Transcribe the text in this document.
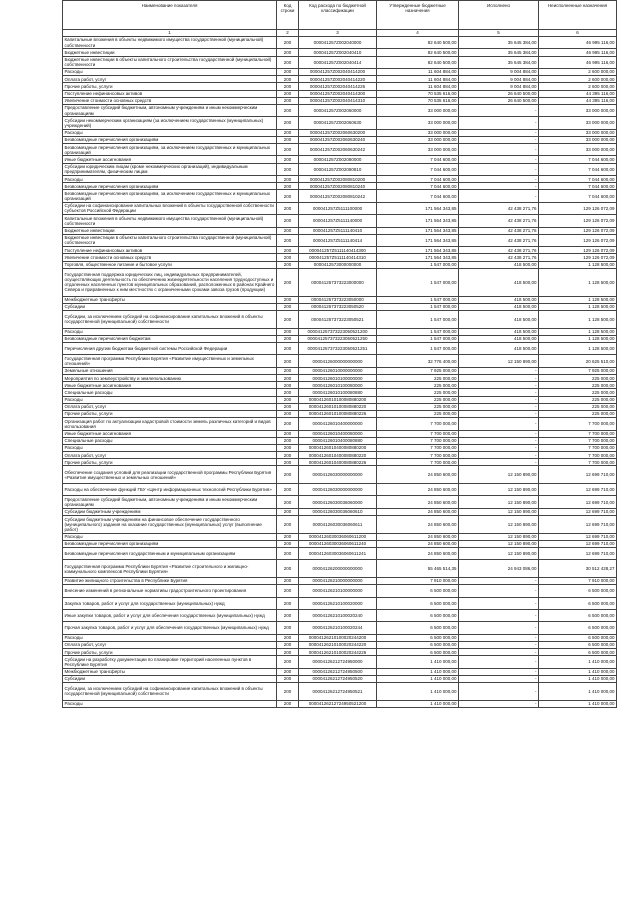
Наименование показателя	Код строки	Код расхода по бюджетной классификации	Утвержденные бюджетные назначения	Исполнено	Неисполненные назначения
1	2	3	4	5	6
Капитальные вложения в объекты недвижимого имущества государственной (муниципальной) собственности	200	000041257Z002040000	82 640 500,00	35 645 384,00	46 995 116,00
Бюджетные инвестиции	200	000041257Z002040410	82 640 500,00	35 645 384,00	46 995 116,00
Бюджетные инвестиции в объекты капитального строительства государственной (муниципальной) собственности	200	000041257Z002040414	82 640 500,00	35 645 384,00	46 995 116,00
Расходы	200	000041257Z002040414200	11 604 884,00	9 004 884,00	2 600 000,00
Оплата работ, услуг	200	000041257Z002040414220	11 604 884,00	9 004 884,00	2 600 000,00
Прочие работы, услуги	200	000041257Z002040414226	11 604 884,00	9 004 884,00	2 600 000,00
Поступление нефинансовых активов	200	000041257Z002040414300	70 535 616,00	26 640 500,00	44 395 116,00
Увеличение стоимости основных средств	200	000041257Z002040414310	70 535 616,00	26 640 500,00	44 395 116,00
Предоставление субсидий бюджетным, автономным учреждениям и иным некоммерческим организациям	200	000041257Z002060000	33 000 000,00	-	33 000 000,00
Субсидии некоммерческим организациям (за исключением государственных (муниципальных) учреждений)	200	000041257Z002060630	33 000 000,00	-	33 000 000,00
Расходы	200	000041257Z002060630200	33 000 000,00	-	33 000 000,00
Безвозмездные перечисления организациям	200	000041257Z002060630240	33 000 000,00	-	33 000 000,00
Безвозмездные перечисления организациям, за исключением государственных и муниципальных организаций	200	000041257Z002060630242	33 000 000,00	-	33 000 000,00
Иные бюджетные ассигнования	200	000041257Z002080000	7 044 600,00	-	7 044 600,00
Субсидии юридическим лицам (кроме некоммерческих организаций), индивидуальным предпринимателям, физическим лицам	200	000041257Z002080810	7 044 600,00	-	7 044 600,00
Расходы	200	000041257Z002080810200	7 044 600,00	-	7 044 600,00
Безвозмездные перечисления организациям	200	000041257Z002080810240	7 044 600,00	-	7 044 600,00
Безвозмездные перечисления организациям, за исключением государственных и муниципальных организаций	200	000041257Z002080810242	7 044 600,00	-	7 044 600,00
Субсидии на софинансирование капитальных вложений в объекты государственной собственности субъектов Российской Федерации	200	000041257Z5111100000	171 564 343,85	42 438 271,76	129 126 072,09
Капитальные вложения в объекты недвижимого имущества государственной (муниципальной) собственности	200	000041257Z5111140000	171 564 343,85	42 438 271,76	129 126 072,09
Бюджетные инвестиции	200	000041257Z5111140410	171 564 343,85	42 438 271,76	129 126 072,09
Бюджетные инвестиции в объекты капитального строительства государственной (муниципальной) собственности	200	000041257Z5111140414	171 564 343,85	42 438 271,76	129 126 072,09
Поступление нефинансовых активов	200	000041257Z5111140414300	171 564 343,85	42 438 271,76	129 126 072,09
Увеличение стоимости основных средств	200	000041257Z5111140414310	171 564 343,85	42 438 271,76	129 126 072,09
Торговля, общественное питание и бытовое услуги	200	0000412573000000000	1 547 000,00	418 500,00	1 128 500,00
Государственная поддержка юридических лиц, индивидуальных предпринимателей, осуществляющих деятельность по обеспечению жизнедеятельности населения труднодоступных и отдаленных населенных пунктов муниципальных образований, расположенных в районах Крайнего Севера и приравненных к ним местностях с ограниченными сроками завоза грузов (продукции)	200	000041257373223000000	1 547 000,00	418 500,00	1 128 500,00
Межбюджетные трансферты	200	000041257373223050000	1 547 000,00	418 500,00	1 128 500,00
Субсидии	200	000041257373223050520	1 547 000,00	418 500,00	1 128 500,00
Субсидии, за исключением субсидий на софинансирование капитальных вложений в объекты государственной (муниципальной) собственности	200	000041257373223050521	1 547 000,00	418 500,00	1 128 500,00
Расходы	200	000041257373223050521200	1 547 000,00	418 500,00	1 128 500,00
Безвозмездные перечисления бюджетам	200	000041257373223050521250	1 547 000,00	418 500,00	1 128 500,00
Перечисления другим бюджетам бюджетной системы Российской Федерации	200	000041257373223050521251	1 547 000,00	418 500,00	1 128 500,00
Государственная программа Республики Бурятия «Развитие имущественных и земельных отношений»	200	00004126000000000000	32 776 400,00	12 150 890,00	20 625 510,00
Земельные отношения	200	00004126010000000000	7 925 000,00	-	7 925 000,00
Мероприятия по землеустройству и землепользованию	200	00004126010100000000	225 000,00	-	225 000,00
Иные бюджетные ассигнования	200	00004126010100080000	225 000,00	-	225 000,00
Специальные расходы	200	00004126010100080880	225 000,00	-	225 000,00
Расходы	200	00004126010100080880200	225 000,00	-	225 000,00
Оплата работ, услуг	200	00004126010100080880220	225 000,00	-	225 000,00
Прочие работы, услуги	200	00004126010100080880226	225 000,00	-	225 000,00
Организация работ по актуализации кадастровой стоимости земель различных категорий и видов использования	200	00004126010400000000	7 700 000,00	-	7 700 000,00
Иные бюджетные ассигнования	200	00004126010400080000	7 700 000,00	-	7 700 000,00
Специальные расходы	200	00004126010400080880	7 700 000,00	-	7 700 000,00
Расходы	200	00004126010400080880200	7 700 000,00	-	7 700 000,00
Оплата работ, услуг	200	00004126010400080880220	7 700 000,00	-	7 700 000,00
Прочие работы, услуги	200	00004126010400080880226	7 700 000,00	-	7 700 000,00
Обеспечение создания условий для реализации государственной программы Республики Бурятия «Развитие имущественных и земельных отношений»	200	00004126030000000000	24 850 600,00	12 150 890,00	12 699 710,00
Расходы на обеспечение функций ГБУ «Центр информационных технологий Республики Бурятия»	200	00004126030000000000	24 850 600,00	12 150 890,00	12 699 710,00
Предоставление субсидий бюджетным, автономным учреждениям и иным некоммерческим организациям	200	00004126030036060000	24 850 600,00	12 150 890,00	12 699 710,00
Субсидии бюджетным учреждениям	200	00004126030036060610	24 850 600,00	12 150 890,00	12 699 710,00
Субсидии бюджетным учреждениям на финансовое обеспечение государственного (муниципального) задания на оказание государственных (муниципальных) услуг (выполнение работ)	200	00004126030036060611	24 850 600,00	12 150 890,00	12 699 710,00
Расходы	200	00004126030036060611200	24 850 600,00	12 150 890,00	12 699 710,00
Безвозмездные перечисления организациям	200	00004126030036060611240	24 850 600,00	12 150 890,00	12 699 710,00
Безвозмездные перечисления государственным и муниципальным организациям	200	00004126030036060611241	24 850 600,00	12 150 890,00	12 699 710,00
Государственная программа Республики Бурятия «Развитие строительного и жилищно-коммунального комплексов Республики Бурятия»	200	00004126200000000000	55 465 514,35	24 943 086,00	30 512 428,27
Развитие жилищного строительства в Республике Бурятия	200	00004126210000000000	7 910 000,00	-	7 910 000,00
Внесение изменений в региональные нормативы градостроительного проектирования	200	00004126210100000000	6 500 000,00	-	6 500 000,00
Закупка товаров, работ и услуг для государственных (муниципальных) нужд	200	00004126210100020000	6 500 000,00	-	6 500 000,00
Иные закупки товаров, работ и услуг для обеспечения государственных (муниципальных) нужд	200	00004126210100020240	6 500 000,00	-	6 500 000,00
Прочая закупка товаров, работ и услуг для обеспечения государственных (муниципальных) нужд	200	00004126210100020244	6 500 000,00	-	6 500 000,00
Расходы	200	00004126210100020244200	6 500 000,00	-	6 500 000,00
Оплата работ, услуг	200	00004126210100020244220	6 500 000,00	-	6 500 000,00
Прочие работы, услуги	200	00004126210100020244226	6 500 000,00	-	6 500 000,00
Субсидии на разработку документации по планировке территорий населенных пунктов в Республике Бурятия	200	00004126212724950000	1 410 000,00	-	1 410 000,00
Межбюджетные трансферты	200	00004126212724950500	1 410 000,00	-	1 410 000,00
Субсидии	200	00004126212724950520	1 410 000,00	-	1 410 000,00
Субсидии, за исключением субсидий на софинансирование капитальных вложений в объекты государственной (муниципальной) собственности	200	00004126212724950521	1 410 000,00	-	1 410 000,00
Расходы	200	00004126212724950521200	1 410 000,00	-	1 410 000,00
